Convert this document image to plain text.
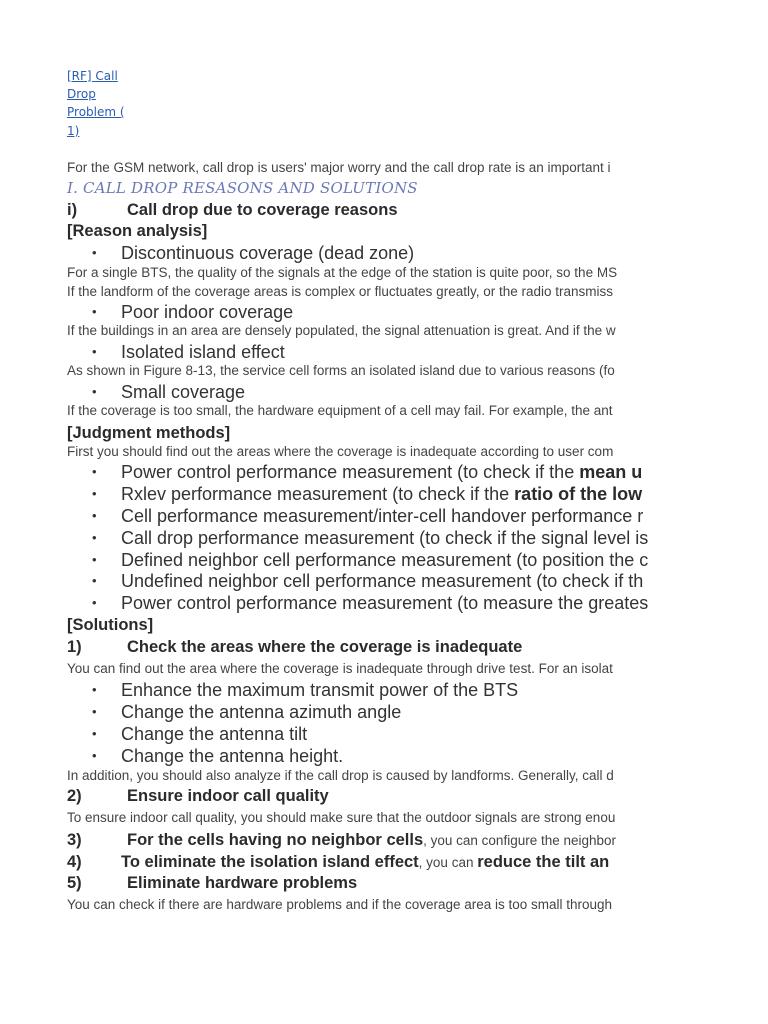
[RF] Call
Drop
Problem (
1)
For the GSM network, call drop is users' major worry and the call drop rate is an important i
I. CALL DROP RESASONS AND SOLUTIONS
i)	Call drop due to coverage reasons
[Reason analysis]
• Discontinuous coverage (dead zone)
For a single BTS, the quality of the signals at the edge of the station is quite poor, so the MS
If the landform of the coverage areas is complex or fluctuates greatly, or the radio transmiss
• Poor indoor coverage
If the buildings in an area are densely populated, the signal attenuation is great. And if the w
• Isolated island effect
As shown in Figure 8-13, the service cell forms an isolated island due to various reasons (fo
• Small coverage
If the coverage is too small, the hardware equipment of a cell may fail. For example, the ant
[Judgment methods]
First you should find out the areas where the coverage is inadequate according to user com
• Power control performance measurement (to check if the mean u
• Rxlev performance measurement (to check if the ratio of the low
• Cell performance measurement/inter-cell handover performance r
• Call drop performance measurement (to check if the signal level is
• Defined neighbor cell performance measurement (to position the c
• Undefined neighbor cell performance measurement (to check if th
• Power control performance measurement (to measure the greates
[Solutions]
1)	Check the areas where the coverage is inadequate
You can find out the area where the coverage is inadequate through drive test. For an isolat
• Enhance the maximum transmit power of the BTS
• Change the antenna azimuth angle
• Change the antenna tilt
• Change the antenna height.
In addition, you should also analyze if the call drop is caused by landforms. Generally, call d
2)	Ensure indoor call quality
To ensure indoor call quality, you should make sure that the outdoor signals are strong enou
3)	For the cells having no neighbor cells, you can configure the neighbor
4) To eliminate the isolation island effect, you can reduce the tilt an
5)	Eliminate hardware problems
You can check if there are hardware problems and if the coverage area is too small through
